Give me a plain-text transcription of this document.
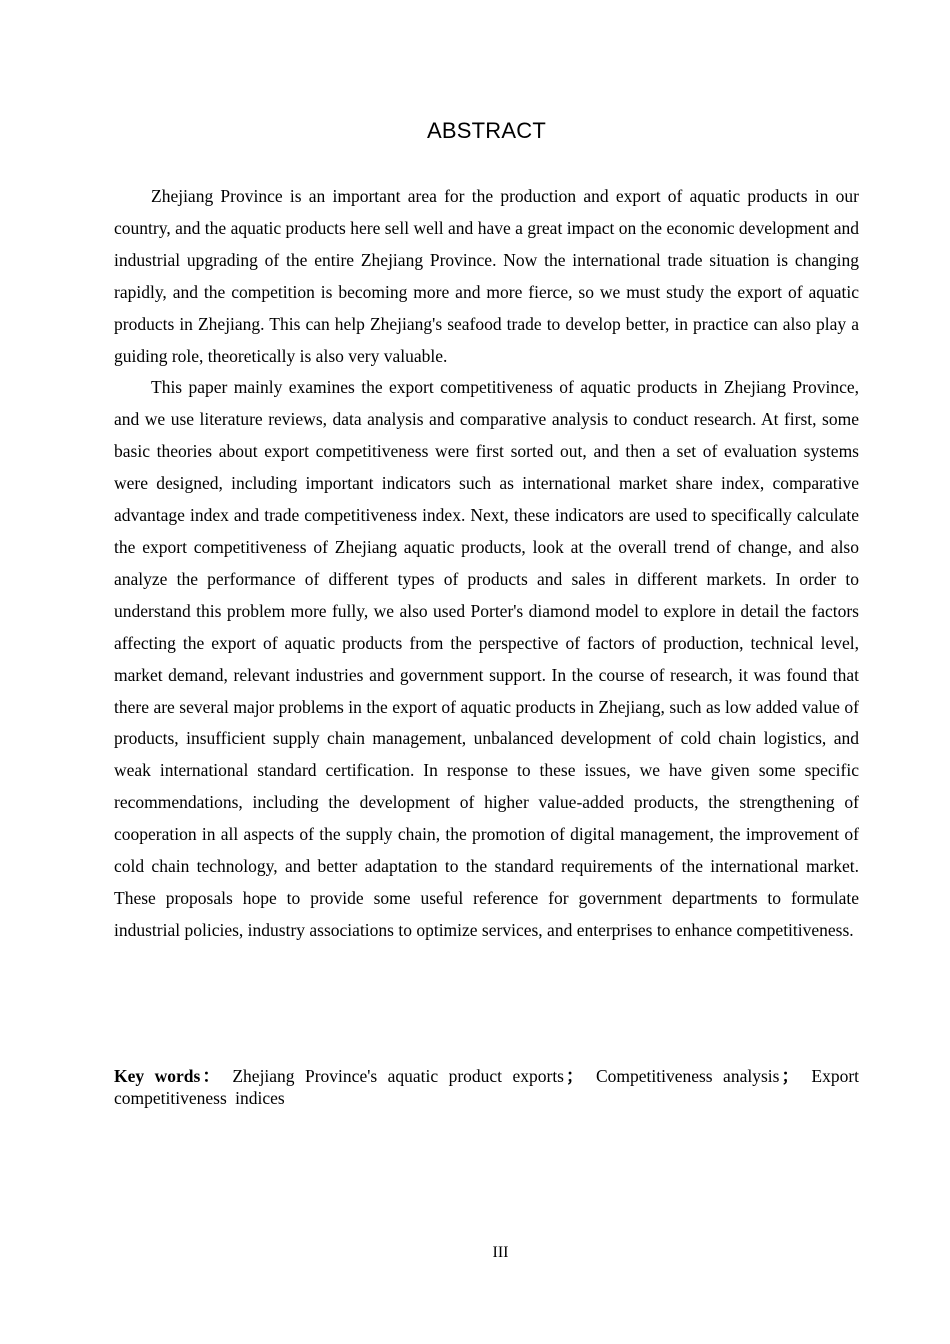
ABSTRACT

Zhejiang Province is an important area for the production and export of aquatic products in our country, and the aquatic products here sell well and have a great impact on the economic development and industrial upgrading of the entire Zhejiang Province. Now the international trade situation is changing rapidly, and the competition is becoming more and more fierce, so we must study the export of aquatic products in Zhejiang. This can help Zhejiang's seafood trade to develop better, in practice can also play a guiding role, theoretically is also very valuable.

This paper mainly examines the export competitiveness of aquatic products in Zhejiang Province, and we use literature reviews, data analysis and comparative analysis to conduct research. At first, some basic theories about export competitiveness were first sorted out, and then a set of evaluation systems were designed, including important indicators such as international market share index, comparative advantage index and trade competitiveness index. Next, these indicators are used to specifically calculate the export competitiveness of Zhejiang aquatic products, look at the overall trend of change, and also analyze the performance of different types of products and sales in different markets. In order to understand this problem more fully, we also used Porter's diamond model to explore in detail the factors affecting the export of aquatic products from the perspective of factors of production, technical level, market demand, relevant industries and government support. In the course of research, it was found that there are several major problems in the export of aquatic products in Zhejiang, such as low added value of products, insufficient supply chain management, unbalanced development of cold chain logistics, and weak international standard certification. In response to these issues, we have given some specific recommendations, including the development of higher value-added products, the strengthening of cooperation in all aspects of the supply chain, the promotion of digital management, the improvement of cold chain technology, and better adaptation to the standard requirements of the international market. These proposals hope to provide some useful reference for government departments to formulate industrial policies, industry associations to optimize services, and enterprises to enhance competitiveness.

Key words： Zhejiang Province's aquatic product exports ； Competitiveness analysis ； Export competitiveness indices
III
